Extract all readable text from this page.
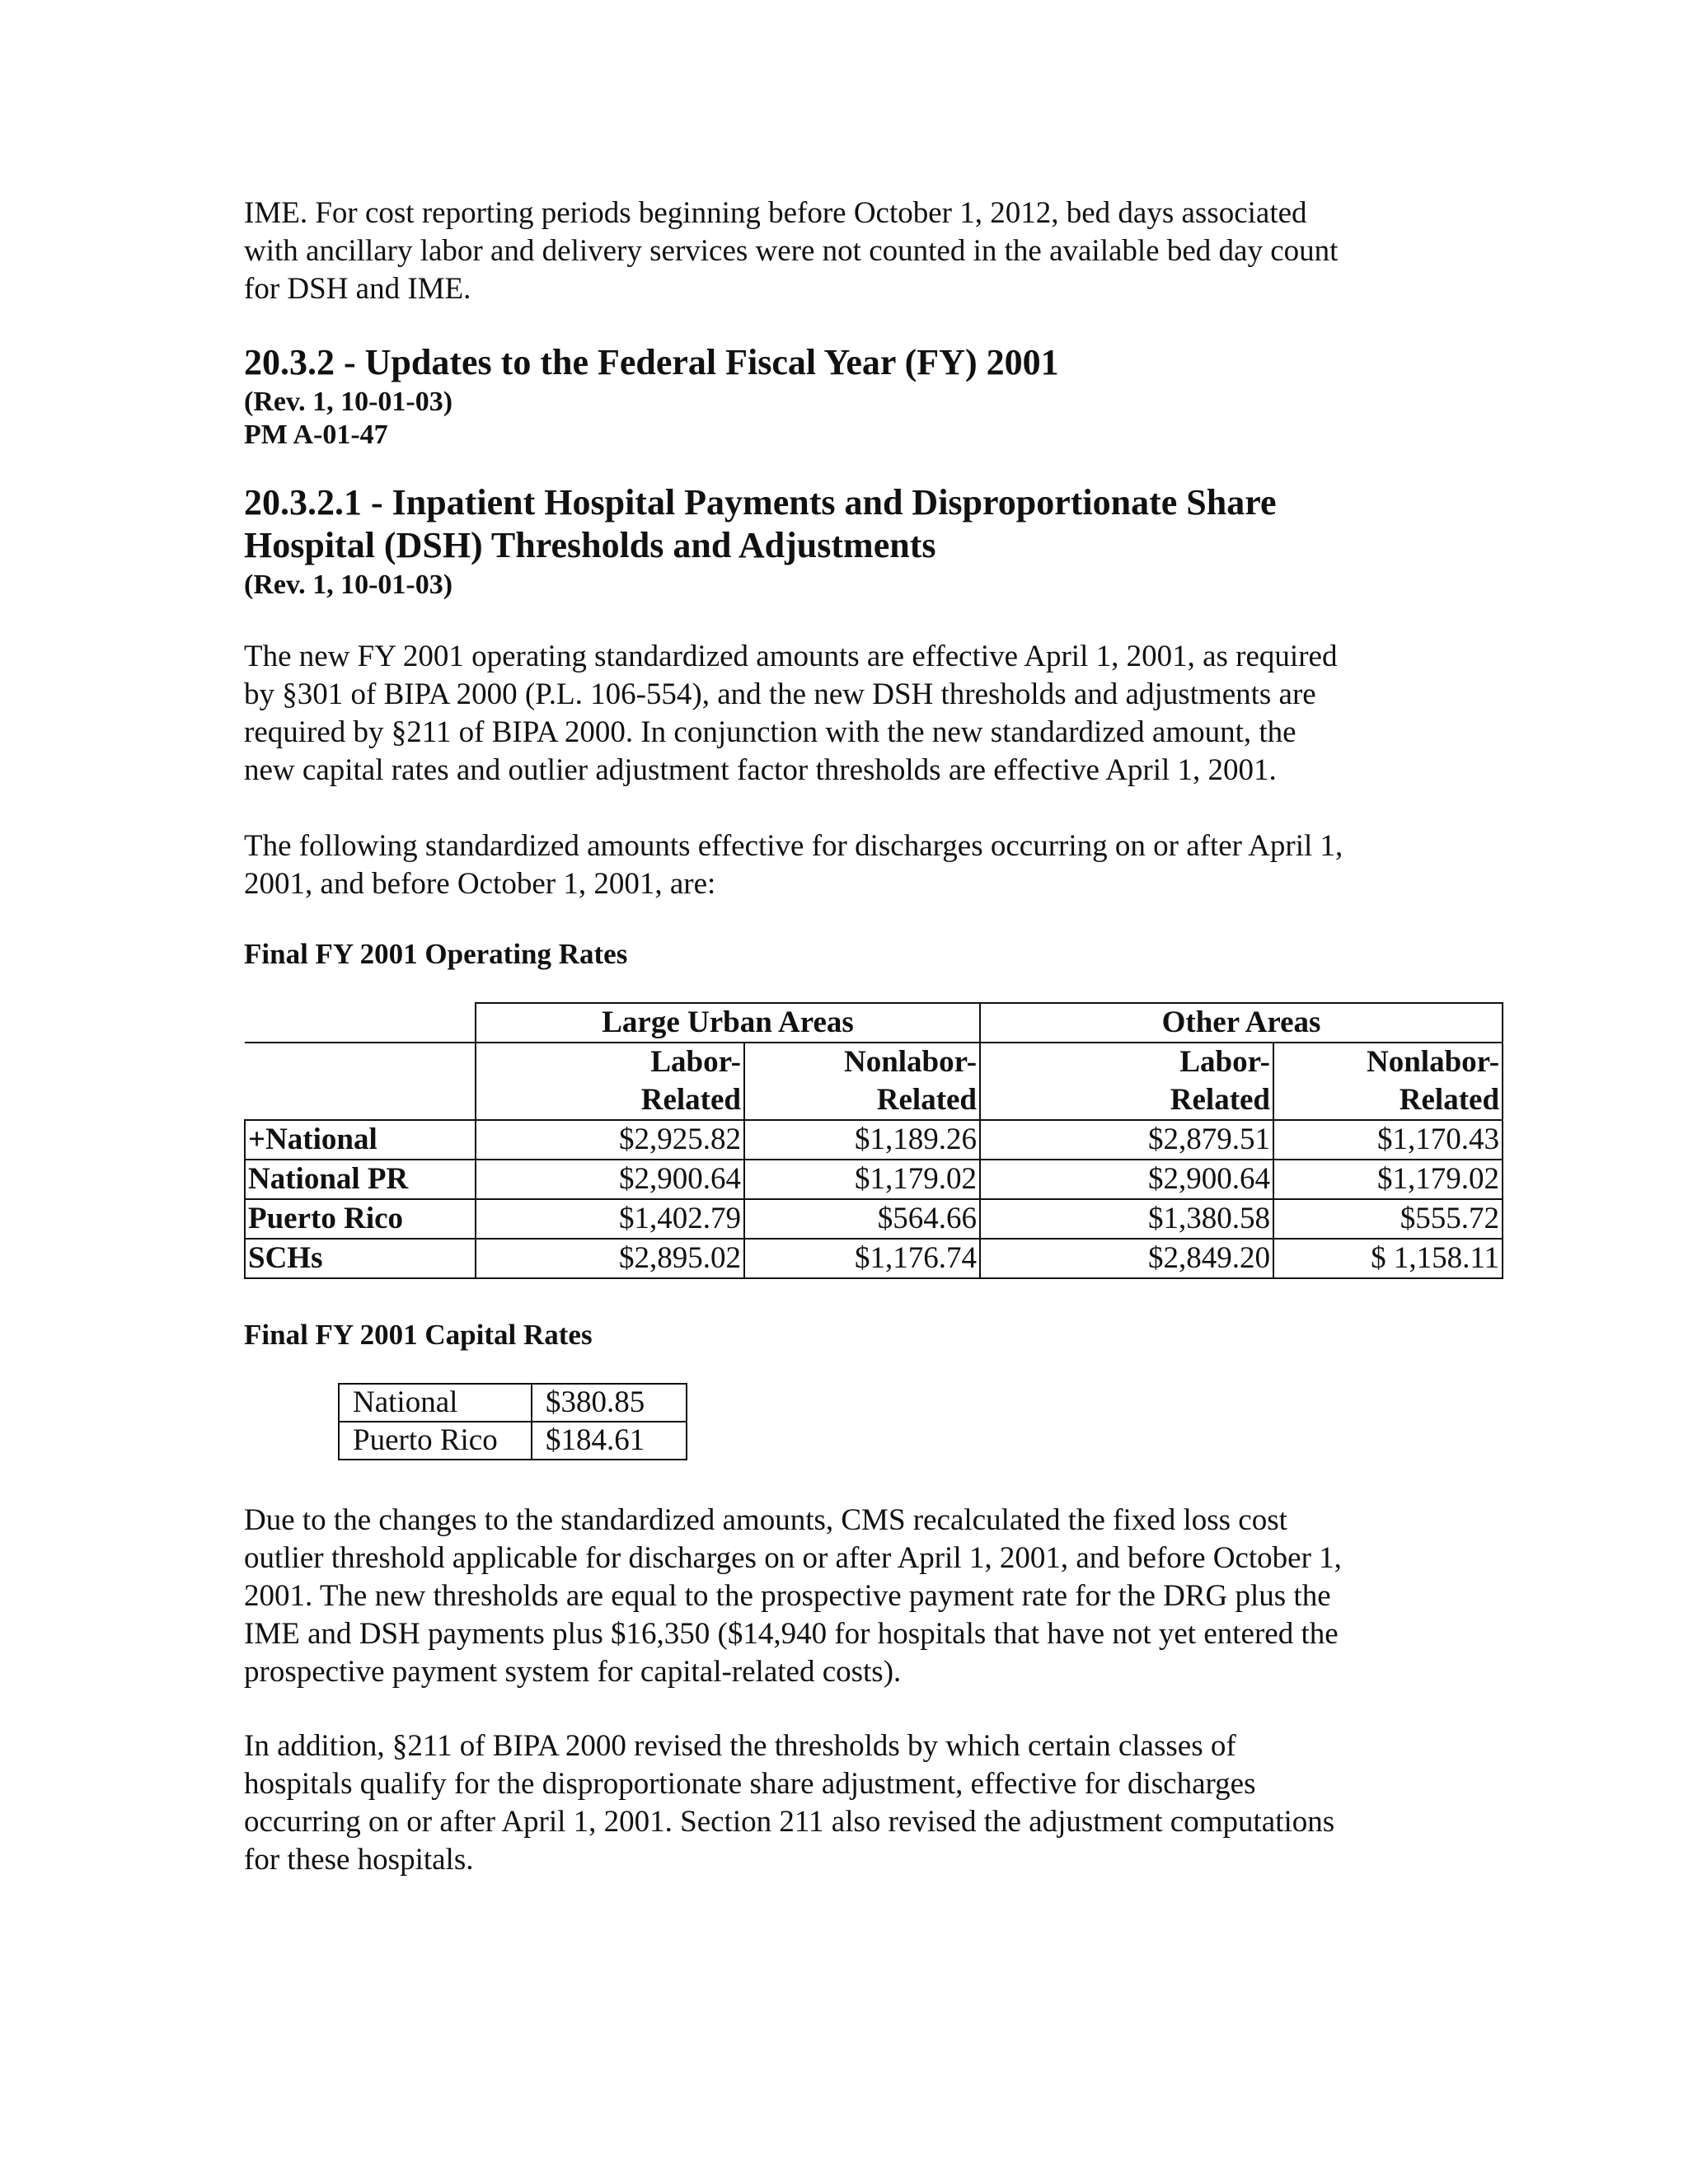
IME. For cost reporting periods beginning before October 1, 2012, bed days associated
with ancillary labor and delivery services were not counted in the available bed day count
for DSH and IME.

20.3.2 - Updates to the Federal Fiscal Year (FY) 2001

(Rev. 1, 10-01-03)

PM A-01-47

20.3.2.1 - Inpatient Hospital Payments and Disproportionate Share
Hospital (DSH) Thresholds and Adjustments

(Rev. 1, 10-01-03)

The new FY 2001 operating standardized amounts are effective April 1, 2001, as required
by §301 of BIPA 2000 (P.L. 106-554), and the new DSH thresholds and adjustments are
required by §211 of BIPA 2000. In conjunction with the new standardized amount, the
new capital rates and outlier adjustment factor thresholds are effective April 1, 2001.

The following standardized amounts effective for discharges occurring on or after April 1,
2001, and before October 1, 2001, are:

Final FY 2001 Operating Rates

	Large Urban Areas		Other Areas	
	Labor-	Nonlabor-	Labor-	Nonlabor-
	Related	Related	Related	Related
+National	$2,925.82	$1,189.26	$2,879.51	$1,170.43
National PR	$2,900.64	$1,179.02	$2,900.64	$1,179.02
Puerto Rico	$1,402.79	$564.66	$1,380.58	$555.72
SCHs	$2,895.02	$1,176.74	$2,849.20	$ 1,158.11

Final FY 2001 Capital Rates

National	$380.85
Puerto Rico	$184.61

Due to the changes to the standardized amounts, CMS recalculated the fixed loss cost
outlier threshold applicable for discharges on or after April 1, 2001, and before October 1,
2001. The new thresholds are equal to the prospective payment rate for the DRG plus the
IME and DSH payments plus $16,350 ($14,940 for hospitals that have not yet entered the
prospective payment system for capital-related costs).

In addition, §211 of BIPA 2000 revised the thresholds by which certain classes of
hospitals qualify for the disproportionate share adjustment, effective for discharges
occurring on or after April 1, 2001. Section 211 also revised the adjustment computations
for these hospitals.
